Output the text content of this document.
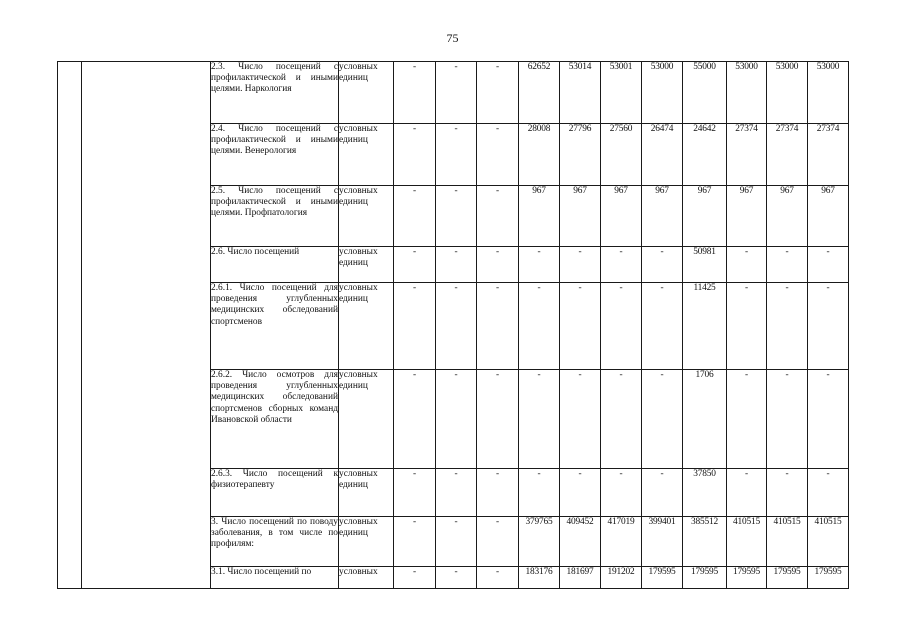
75
		2.3. Число посещений с профилактической и иными целями. Наркология	условных единиц	-	-	-	62652	53014	53001	53000	55000	53000	53000	53000
		2.4. Число посещений с профилактической и иными целями. Венерология	условных единиц	-	-	-	28008	27796	27560	26474	24642	27374	27374	27374
		2.5. Число посещений с профилактической и иными целями. Профпатология	условных единиц	-	-	-	967	967	967	967	967	967	967	967
		2.6. Число посещений	условных единиц	-	-	-	-	-	-	-	50981	-	-	-
		2.6.1. Число посещений для проведения углубленных медицинских обследований спортсменов	условных единиц	-	-	-	-	-	-	-	11425	-	-	-
		2.6.2. Число осмотров для проведения углубленных медицинских обследований спортсменов сборных команд Ивановской области	условных единиц	-	-	-	-	-	-	-	1706	-	-	-
		2.6.3. Число посещений к физиотерапевту	условных единиц	-	-	-	-	-	-	-	37850	-	-	-
		3. Число посещений по поводу заболевания, в том числе по профилям:	условных единиц	-	-	-	379765	409452	417019	399401	385512	410515	410515	410515
		3.1. Число посещений по	условных	-	-	-	183176	181697	191202	179595	179595	179595	179595	179595
